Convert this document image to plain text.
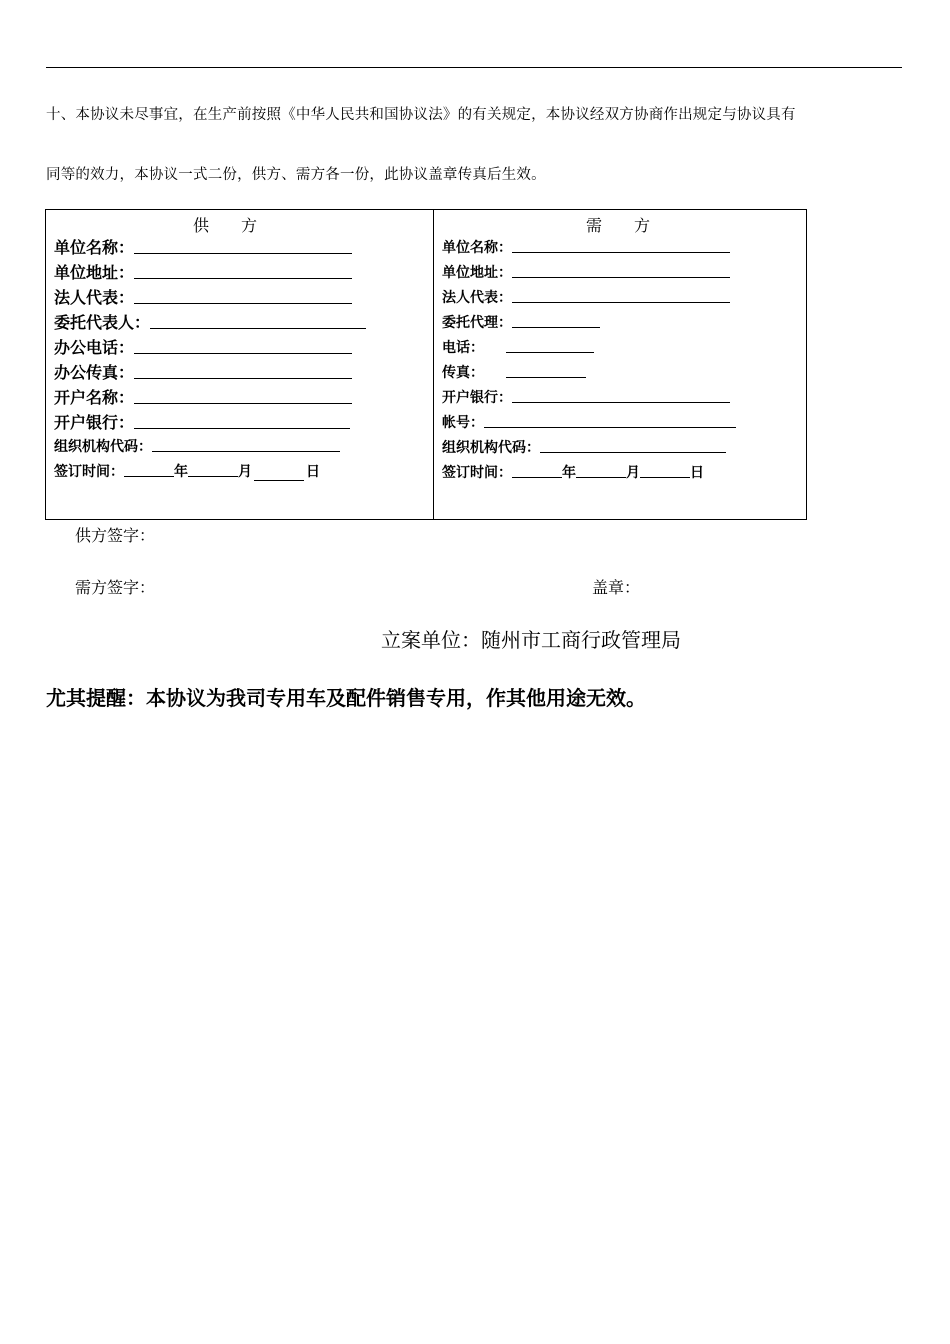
十、本协议未尽事宜，在生产前按照《中华人民共和国协议法》的有关规定，本协议经双方协商作出规定与协议具有
同等的效力，本协议一式二份，供方、需方各一份，此协议盖章传真后生效。
供　　方
单位名称：
单位地址：
法人代表：
委托代表人：
办公电话：
办公传真：
开户名称：
开户银行：
组织机构代码：
签订时间：	年	月	日
需　　方
单位名称：
单位地址：
法人代表：
委托代理：
电话：
传真：
开户银行：
帐号：
组织机构代码：
签订时间：	年	月	日
供方签字：
需方签字：	盖章：
立案单位：随州市工商行政管理局
尤其提醒：本协议为我司专用车及配件销售专用，作其他用途无效。
